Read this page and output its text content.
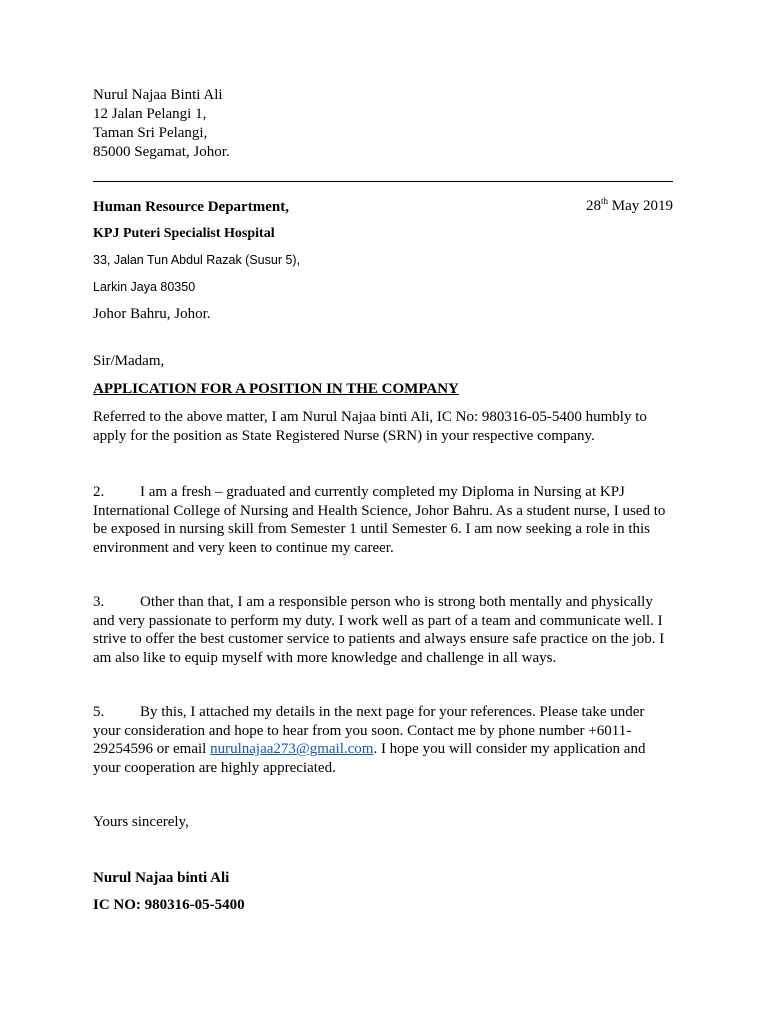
Nurul Najaa Binti Ali
12 Jalan Pelangi 1,
Taman Sri Pelangi,
85000 Segamat, Johor.
Human Resource Department,	28th May 2019
KPJ Puteri Specialist Hospital
33, Jalan Tun Abdul Razak (Susur 5),
Larkin Jaya 80350
Johor Bahru, Johor.
Sir/Madam,
APPLICATION FOR A POSITION IN THE COMPANY

Referred to the above matter, I am Nurul Najaa binti Ali, IC No: 980316-05-5400 humbly to apply for the position as State Registered Nurse (SRN) in your respective company.

2. I am a fresh – graduated and currently completed my Diploma in Nursing at KPJ International College of Nursing and Health Science, Johor Bahru. As a student nurse, I used to be exposed in nursing skill from Semester 1 until Semester 6. I am now seeking a role in this environment and very keen to continue my career.

3. Other than that, I am a responsible person who is strong both mentally and physically and very passionate to perform my duty. I work well as part of a team and communicate well. I strive to offer the best customer service to patients and always ensure safe practice on the job. I am also like to equip myself with more knowledge and challenge in all ways.

5. By this, I attached my details in the next page for your references. Please take under your consideration and hope to hear from you soon. Contact me by phone number +6011-29254596 or email nurulnajaa273@gmail.com. I hope you will consider my application and your cooperation are highly appreciated.

Yours sincerely,
Nurul Najaa binti Ali
IC NO: 980316-05-5400
